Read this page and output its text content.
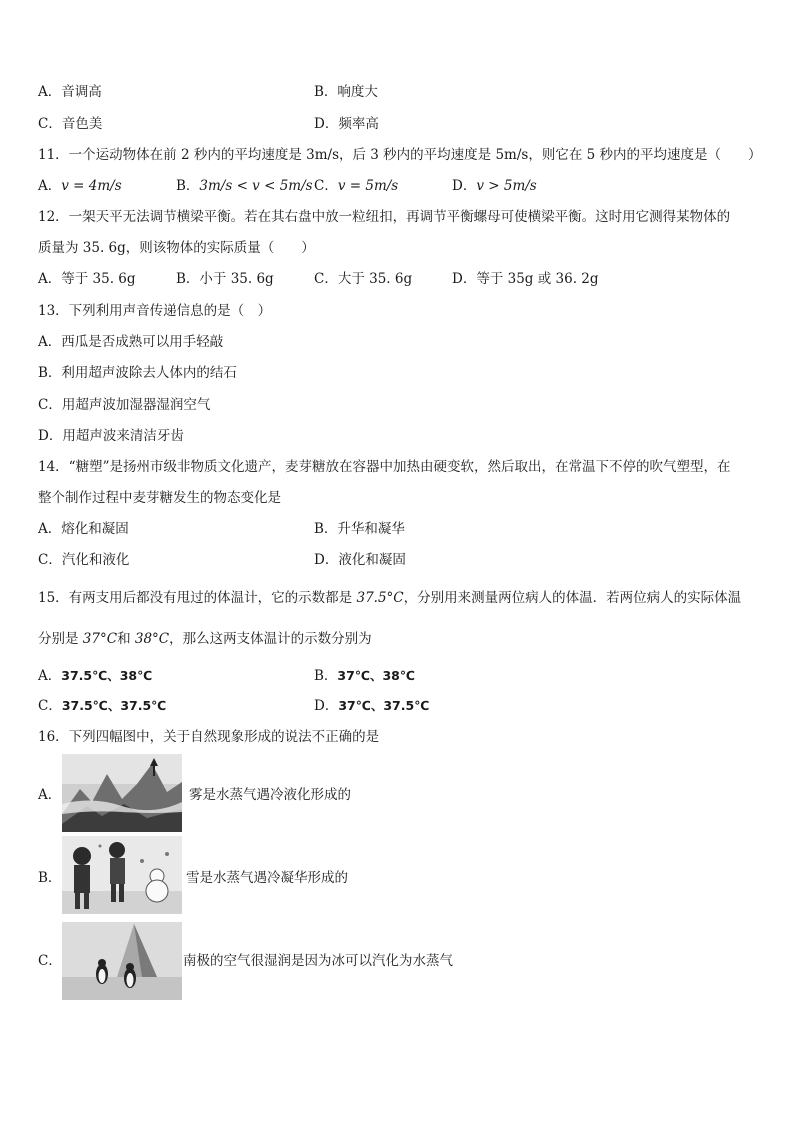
A．音调高	B．响度大
C．音色美	D．频率高
11．一个运动物体在前 2 秒内的平均速度是 3m/s，后 3 秒内的平均速度是 5m/s，则它在 5 秒内的平均速度是（　　）
A．v = 4m/s	B．3m/s < v < 5m/s C．v = 5m/s	D．v > 5m/s
12．一架天平无法调节横梁平衡。若在其右盘中放一粒纽扣，再调节平衡螺母可使横梁平衡。这时用它测得某物体的
质量为 35. 6g，则该物体的实际质量（　　）
A．等于 35. 6g	B．小于 35. 6g	C．大于 35. 6g	D．等于 35g 或 36. 2g
13．下列利用声音传递信息的是（　）
A．西瓜是否成熟可以用手轻敲
B．利用超声波除去人体内的结石
C．用超声波加湿器湿润空气
D．用超声波来清洁牙齿
14．“糖塑”是扬州市级非物质文化遗产，麦芽糖放在容器中加热由硬变软，然后取出，在常温下不停的吹气塑型，在
整个制作过程中麦芽糖发生的物态变化是
A．熔化和凝固	B．升华和凝华
C．汽化和液化	D．液化和凝固
15．有两支用后都没有甩过的体温计，它的示数都是 37.5°C，分别用来测量两位病人的体温．若两位病人的实际体温
分别是 37°C和 38°C，那么这两支体温计的示数分别为
A．37.5℃、38℃	B．37℃、38℃
C．37.5℃、37.5℃	D．37℃、37.5℃
16．下列四幅图中，关于自然现象形成的说法不正确的是
A．	雾是水蒸气遇冷液化形成的
B．	雪是水蒸气遇冷凝华形成的
C．	南极的空气很湿润是因为冰可以汽化为水蒸气
